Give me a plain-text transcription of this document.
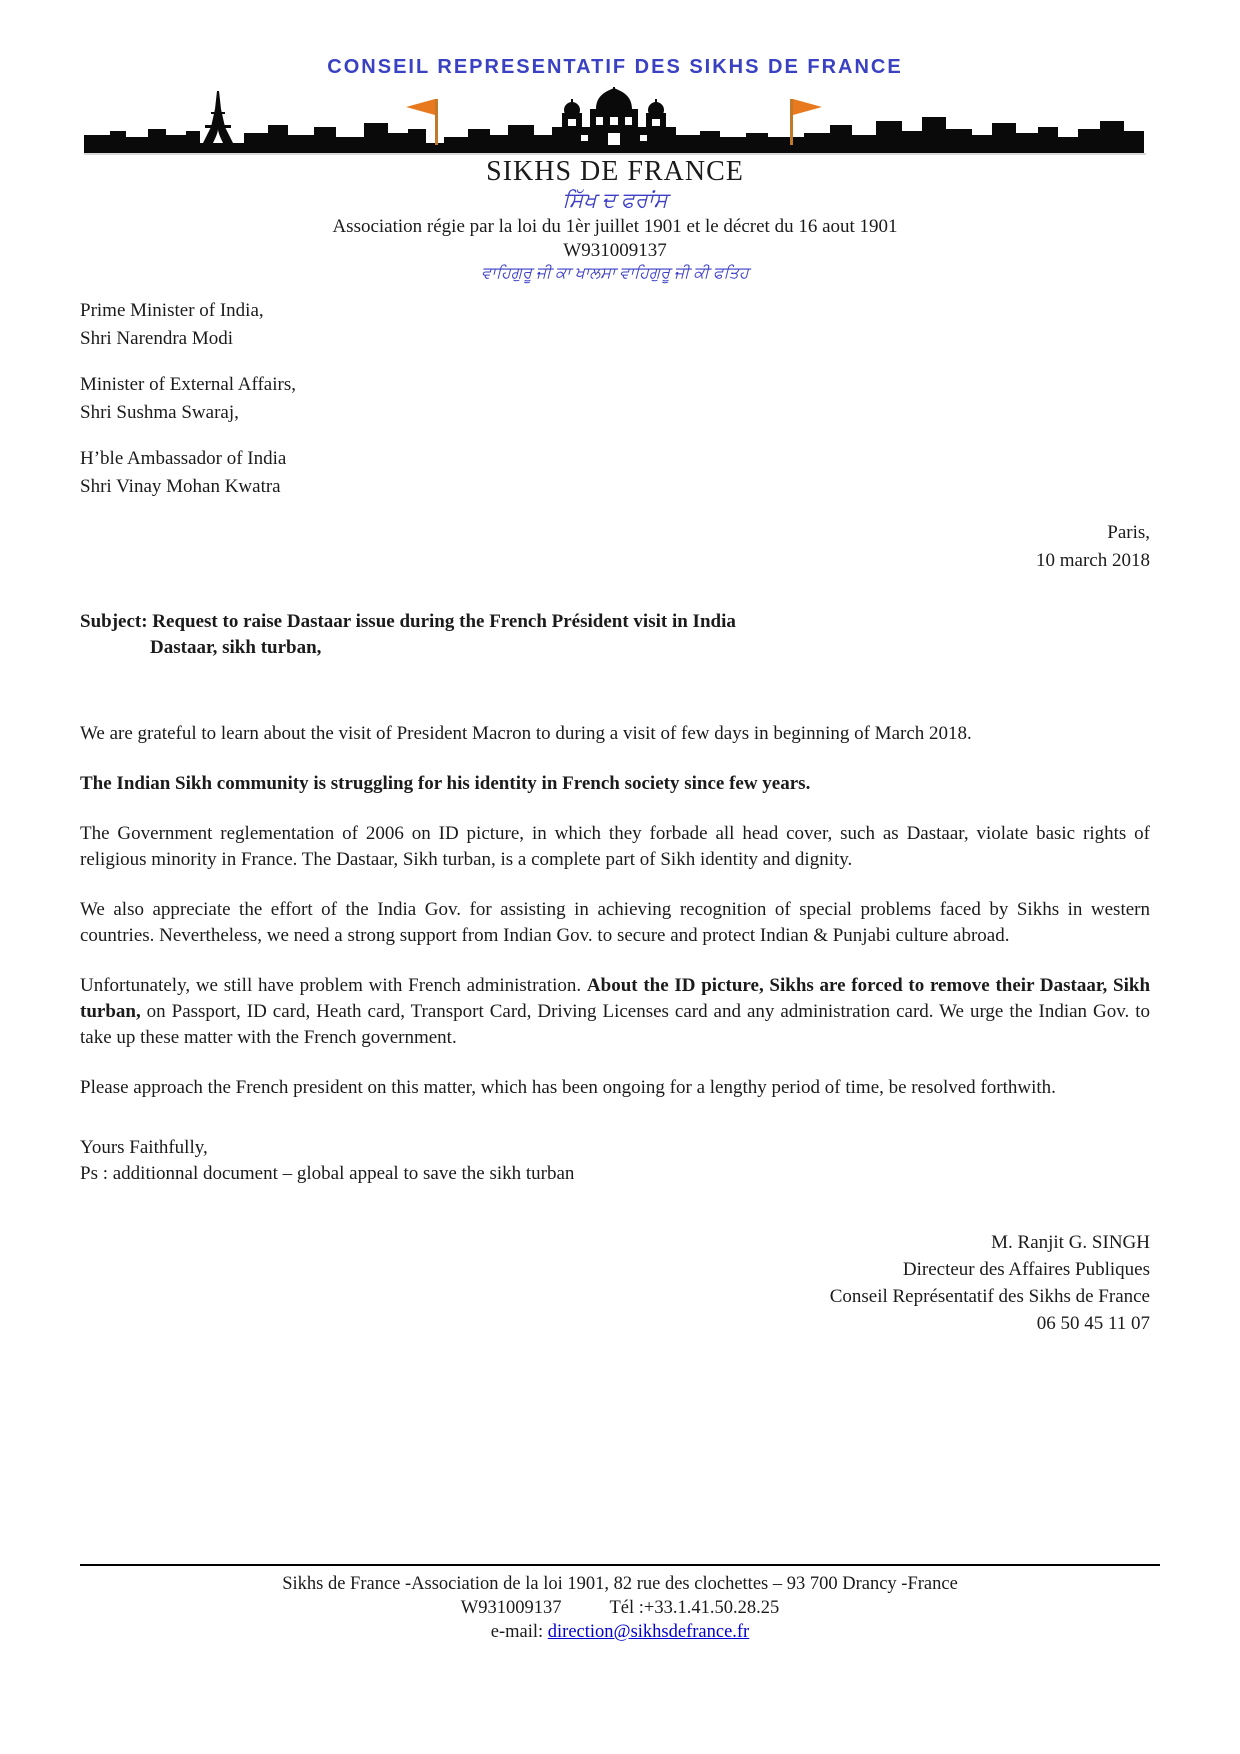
CONSEIL REPRESENTATIF DES SIKHS DE FRANCE
SIKHS DE FRANCE
ਸਿੱਖ ਦ ਫਰਾਂਸ
Association régie par la loi du 1èr juillet 1901 et le décret du 16 aout 1901
W931009137
ਵਾਹਿਗੁਰੂ ਜੀ ਕਾ ਖਾਲਸਾ ਵਾਹਿਗੁਰੂ ਜੀ ਕੀ ਫਤਿਹ
Prime Minister of India,
Shri Narendra Modi
Minister of External Affairs,
Shri Sushma Swaraj,
H’ble Ambassador of India
Shri Vinay Mohan Kwatra
Paris,
10 march 2018
Subject: Request to raise Dastaar issue during the French Président visit in India
Dastaar, sikh turban,

We are grateful to learn about the visit of President Macron to during a visit of few days in beginning of March 2018.

The Indian Sikh community is struggling for his identity in French society since few years.

The Government reglementation of 2006 on ID picture, in which they forbade all head cover, such as Dastaar, violate basic rights of religious minority in France. The Dastaar, Sikh turban, is a complete part of Sikh identity and dignity.

We also appreciate the effort of the India Gov. for assisting in achieving recognition of special problems faced by Sikhs in western countries. Nevertheless, we need a strong support from Indian Gov. to secure and protect Indian & Punjabi culture abroad.

Unfortunately, we still have problem with French administration. About the ID picture, Sikhs are forced to remove their Dastaar, Sikh turban, on Passport, ID card, Heath card, Transport Card, Driving Licenses card and any administration card. We urge the Indian Gov. to take up these matter with the French government.

Please approach the French president on this matter, which has been ongoing for a lengthy period of time, be resolved forthwith.

Yours Faithfully,
Ps : additionnal document – global appeal to save the sikh turban
M. Ranjit G. SINGH
Directeur des Affaires Publiques
Conseil Représentatif des Sikhs de France
06 50 45 11 07
Sikhs de France -Association de la loi 1901, 82 rue des clochettes – 93 700 Drancy -France
W931009137	Tél :+33.1.41.50.28.25
e-mail: direction@sikhsdefrance.fr
